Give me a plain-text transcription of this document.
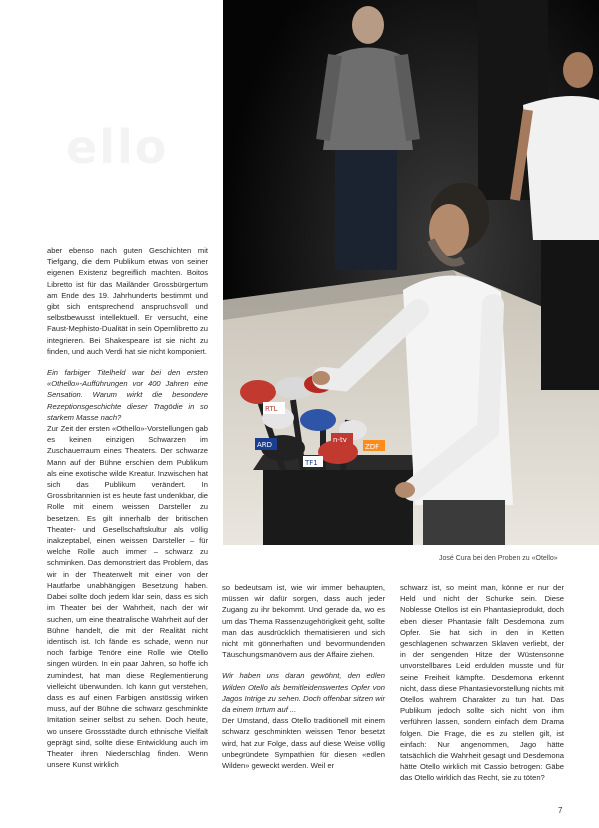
ello
RTL
ARD
n-tv
TF1
ZDF
José Cura bei den Proben zu «Otello»

aber ebenso nach guten Geschichten mit Tiefgang, die dem Publikum etwas von seiner eigenen Existenz begreiflich machten. Boitos Libretto ist für das Mailänder Grossbürgertum am Ende des 19. Jahrhunderts bestimmt und gibt sich entsprechend anspruchsvoll und selbstbewusst intellektuell. Er versucht, eine Faust-Mephisto-Dualität in sein Opernlibretto zu integrieren. Bei Shakespeare ist sie nicht zu finden, und auch Verdi hat sie nicht komponiert.

Ein farbiger Titelheld war bei den ersten «Othello»-Aufführungen vor 400 Jahren eine Sensation. Warum wirkt die besondere Rezeptionsgeschichte dieser Tragödie in so starkem Masse nach?

Zur Zeit der ersten «Othello»-Vorstellungen gab es keinen einzigen Schwarzen im Zuschauerraum eines Theaters. Der schwarze Mann auf der Bühne erschien dem Publikum als eine exotische wilde Kreatur. Inzwischen hat sich das Publikum verändert. In Grossbritannien ist es heute fast undenkbar, die Rolle mit einem weissen Darsteller zu besetzen. Es gilt innerhalb der britischen Theater- und Gesellschaftskultur als völlig inakzeptabel, einen weissen Darsteller – für welche Rolle auch immer – schwarz zu schminken. Das demonstriert das Problem, das wir in der Theaterwelt mit einer von der Hautfarbe unabhängigen Besetzung haben. Dabei sollte doch jedem klar sein, dass es sich im Theater bei der Wahrheit, nach der wir suchen, um eine theatralische Wahrheit auf der Bühne handelt, die mit der Realität nicht identisch ist. Ich fände es schade, wenn nur noch farbige Tenöre eine Rolle wie Otello singen würden. In ein paar Jahren, so hoffe ich zumindest, hat man diese Reglementierung vielleicht überwunden. Ich kann gut verstehen, dass es auf einen Farbigen anstössig wirken muss, auf der Bühne die schwarz geschminkte Imitation seiner selbst zu sehen. Doch heute, wo unsere Grossstädte durch ethnische Vielfalt geprägt sind, sollte diese Entwicklung auch im Theater ihren Niederschlag finden. Wenn unsere Kunst wirklich

so bedeutsam ist, wie wir immer behaupten, müssen wir dafür sorgen, dass auch jeder Zugang zu ihr bekommt. Und gerade da, wo es um das Thema Rassenzugehörigkeit geht, sollte man das ausdrücklich thematisieren und sich nicht mit gönnerhaften und bevormundenden Täuschungsmanövern aus der Affaire ziehen.

Wir haben uns daran gewöhnt, den edlen Wilden Otello als bemitleidenswertes Opfer von Jagos Intrige zu sehen. Doch offenbar sitzen wir da einem Irrtum auf ...

Der Umstand, dass Otello traditionell mit einem schwarz geschminkten weissen Tenor besetzt wird, hat zur Folge, dass auf diese Weise völlig unbegründete Sympathien für diesen «edlen Wilden» geweckt werden. Weil er

schwarz ist, so meint man, könne er nur der Held und nicht der Schurke sein. Diese Noblesse Otellos ist ein Phantasieprodukt, doch eben dieser Phantasie fällt Desdemona zum Opfer. Sie hat sich in den in Ketten geschlagenen schwarzen Sklaven verliebt, der in der sengenden Hitze der Wüstensonne unvorstellbares Leid erdulden musste und für seine Freiheit kämpfte. Desdemona erkennt nicht, dass diese Phantasievorstellung nichts mit Otellos wahrem Charakter zu tun hat. Das Publikum jedoch sollte sich nicht von ihm verführen lassen, sondern einfach dem Drama folgen. Die Frage, die es zu stellen gilt, ist einfach: Nur angenommen, Jago hätte tatsächlich die Wahrheit gesagt und Desdemona hätte Otello wirklich mit Cassio betrogen: Gäbe das Otello wirklich das Recht, sie zu töten?

7
